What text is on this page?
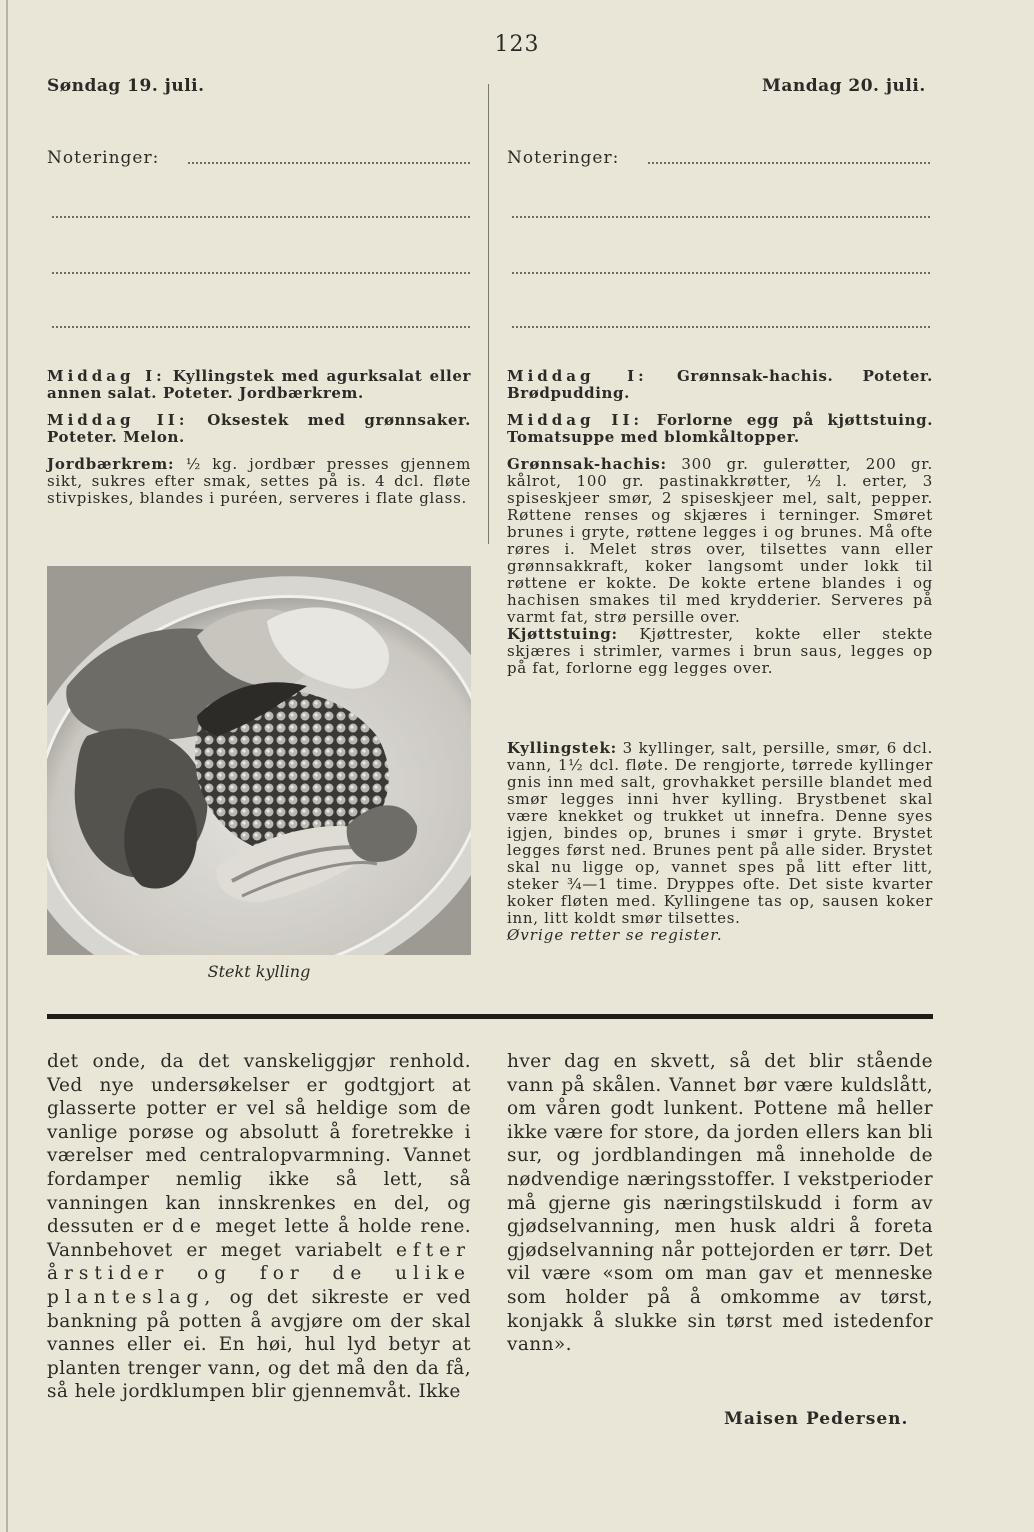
123
Søndag 19. juli.	Mandag 20. juli.
Noteringer:	Noteringer:

Middag I: Kyllingstek med agurksalat eller annen salat. Poteter. Jordbærkrem.

Middag II: Oksestek med grønnsaker. Poteter. Melon.

Jordbærkrem: ½ kg. jordbær presses gjennem sikt, sukres efter smak, settes på is. 4 dcl. fløte stivpiskes, blandes i puréen, serveres i flate glass.

Stekt kylling

Middag I: Grønnsak-hachis. Poteter. Brødpudding.

Middag II: Forlorne egg på kjøttstuing. Tomatsuppe med blomkåltopper.

Grønnsak-hachis: 300 gr. gulerøtter, 200 gr. kålrot, 100 gr. pastinakkrøtter, ½ l. erter, 3 spiseskjeer smør, 2 spiseskjeer mel, salt, pepper. Røttene renses og skjæres i terninger. Smøret brunes i gryte, røttene legges i og brunes. Må ofte røres i. Melet strøs over, tilsettes vann eller grønnsakkraft, koker langsomt under lokk til røttene er kokte. De kokte ertene blandes i og hachisen smakes til med krydderier. Serveres på varmt fat, strø persille over.

Kjøttstuing: Kjøttrester, kokte eller stekte skjæres i strimler, varmes i brun saus, legges op på fat, forlorne egg legges over.

Kyllingstek: 3 kyllinger, salt, persille, smør, 6 dcl. vann, 1½ dcl. fløte. De rengjorte, tørrede kyllinger gnis inn med salt, grovhakket persille blandet med smør legges inni hver kylling. Brystbenet skal være knekket og trukket ut innefra. Denne syes igjen, bindes op, brunes i smør i gryte. Brystet legges først ned. Brunes pent på alle sider. Brystet skal nu ligge op, vannet spes på litt efter litt, steker ¾—1 time. Dryppes ofte. Det siste kvarter koker fløten med. Kyllingene tas op, sausen koker inn, litt koldt smør tilsettes.

Øvrige retter se register.

det onde, da det vanskeliggjør renhold. Ved nye undersøkelser er godtgjort at glasserte potter er vel så heldige som de vanlige porøse og absolutt å foretrekke i værelser med centralopvarmning. Vannet fordamper nemlig ikke så lett, så vanningen kan innskrenkes en del, og dessuten er de meget lette å holde rene. Vannbehovet er meget variabelt efter årstider og for de ulike planteslag, og det sikreste er ved bankning på potten å avgjøre om der skal vannes eller ei. En høi, hul lyd betyr at planten trenger vann, og det må den da få, så hele jordklumpen blir gjennemvåt. Ikke
hver dag en skvett, så det blir stående vann på skålen. Vannet bør være kuldslått, om våren godt lunkent. Pottene må heller ikke være for store, da jorden ellers kan bli sur, og jordblandingen må inneholde de nødvendige næringsstoffer. I vekstperioder må gjerne gis næringstilskudd i form av gjødselvanning, men husk aldri å foreta gjødselvanning når pottejorden er tørr. Det vil være «som om man gav et menneske som holder på å omkomme av tørst, konjakk å slukke sin tørst med istedenfor vann».
Maisen Pedersen.
